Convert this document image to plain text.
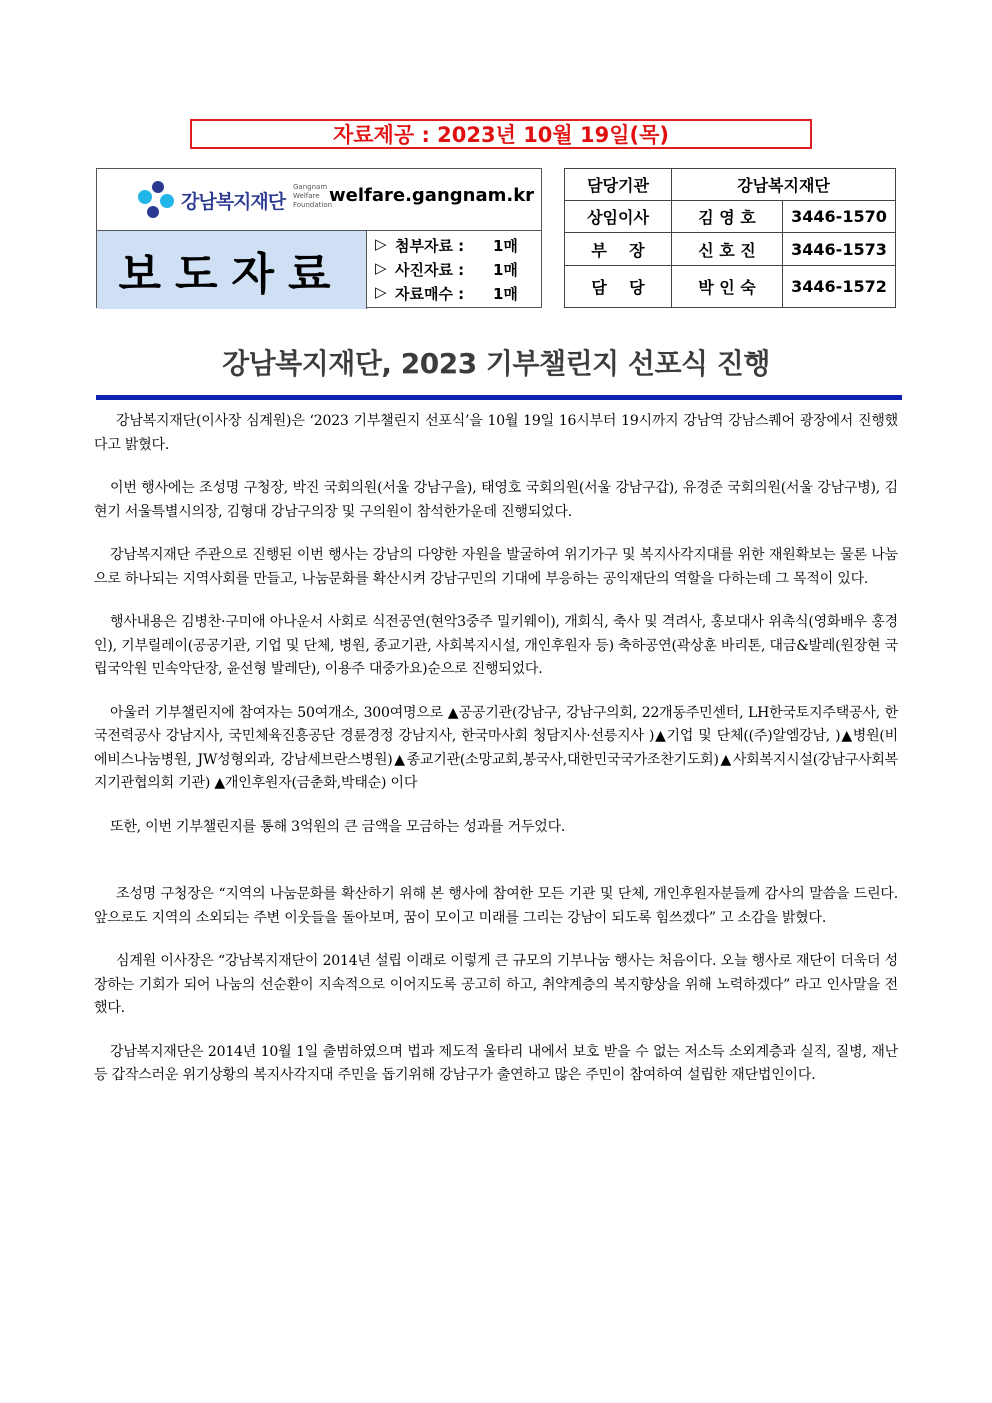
자료제공 : 2023년 10월 19일(목)
강남복지재단
Gangnam Welfare Foundation
welfare.gangnam.kr
보도자료
▷ 첨부자료 :	1매
▷ 사진자료 :	1매
▷ 자료매수 :	1매
담당기관	강남복지재단	
상임이사	김 영 호	3446-1570
부    장	신 호 진	3446-1573
담    당	박 인 숙	3446-1572
강남복지재단, 2023 기부챌린지 선포식 진행

강남복지재단(이사장 심계원)은 ‘2023 기부챌린지 선포식’을 10월 19일 16시부터 19시까지 강남역 강남스퀘어 광장에서 진행했다고 밝혔다.

이번 행사에는 조성명 구청장, 박진 국회의원(서울 강남구을), 태영호 국회의원(서울 강남구갑), 유경준 국회의원(서울 강남구병), 김현기 서울특별시의장, 김형대 강남구의장 및 구의원이 참석한가운데 진행되었다.

강남복지재단 주관으로 진행된 이번 행사는 강남의 다양한 자원을 발굴하여 위기가구 및 복지사각지대를 위한 재원확보는 물론 나눔으로 하나되는 지역사회를 만들고, 나눔문화를 확산시켜 강남구민의 기대에 부응하는 공익재단의 역할을 다하는데 그 목적이 있다.

행사내용은 김병찬·구미애 아나운서 사회로 식전공연(현악3중주 밀키웨이), 개회식, 축사 및 격려사, 홍보대사 위촉식(영화배우 홍경인), 기부릴레이(공공기관, 기업 및 단체, 병원, 종교기관, 사회복지시설, 개인후원자 등) 축하공연(곽상훈 바리톤, 대금&발레(원장현 국립국악원 민속악단장, 윤선형 발레단), 이용주 대중가요)순으로 진행되었다.

아울러 기부챌린지에 참여자는 50여개소, 300여명으로 ▲공공기관(강남구, 강남구의회, 22개동주민센터, LH한국토지주택공사, 한국전력공사 강남지사, 국민체육진흥공단 경륜경정 강남지사, 한국마사회 청담지사·선릉지사 )▲기업 및 단체((주)알엠강남, )▲병원(비에비스나눔병원, JW성형외과, 강남세브란스병원)▲종교기관(소망교회,봉국사,대한민국국가조찬기도회)▲사회복지시설(강남구사회복지기관협의회 기관) ▲개인후원자(금춘화,박태순) 이다

또한, 이번 기부챌린지를 통해 3억원의 큰 금액을 모금하는 성과를 거두었다.

조성명 구청장은 “지역의 나눔문화를 확산하기 위해 본 행사에 참여한 모든 기관 및 단체, 개인후원자분들께 감사의 말씀을 드린다. 앞으로도 지역의 소외되는 주변 이웃들을 돌아보며, 꿈이 모이고 미래를 그리는 강남이 되도록 힘쓰겠다” 고 소감을 밝혔다.

심계원 이사장은 “강남복지재단이 2014년 설립 이래로 이렇게 큰 규모의 기부나눔 행사는 처음이다. 오늘 행사로 재단이 더욱더 성장하는 기회가 되어 나눔의 선순환이 지속적으로 이어지도록 공고히 하고, 취약계층의 복지향상을 위해 노력하겠다” 라고 인사말을 전했다.

강남복지재단은 2014년 10월 1일 출범하였으며 법과 제도적 울타리 내에서 보호 받을 수 없는 저소득 소외계층과 실직, 질병, 재난 등 갑작스러운 위기상황의 복지사각지대 주민을 돕기위해 강남구가 출연하고 많은 주민이 참여하여 설립한 재단법인이다.
